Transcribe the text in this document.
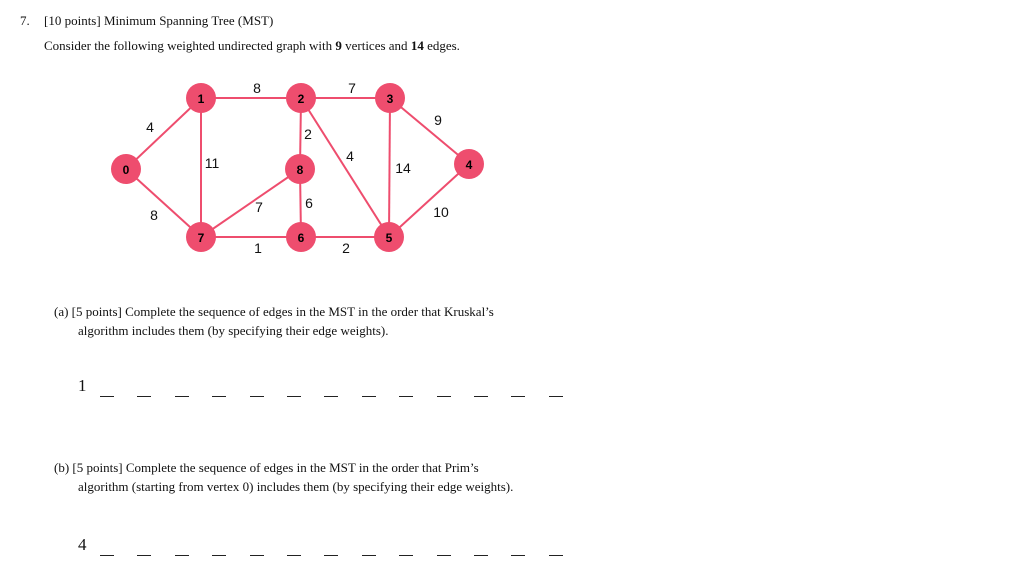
7. [10 points] Minimum Spanning Tree (MST)
Consider the following weighted undirected graph with 9 vertices and 14 edges.
4
8
8
11
7
2
4
9
14
10
2
1
6
7
0
1	2	3
4
5
6
7
8
(a) [5 points] Complete the sequence of edges in the MST in the order that Kruskal’s
algorithm includes them (by specifying their edge weights).
1
(b) [5 points] Complete the sequence of edges in the MST in the order that Prim’s
algorithm (starting from vertex 0) includes them (by specifying their edge weights).
4
